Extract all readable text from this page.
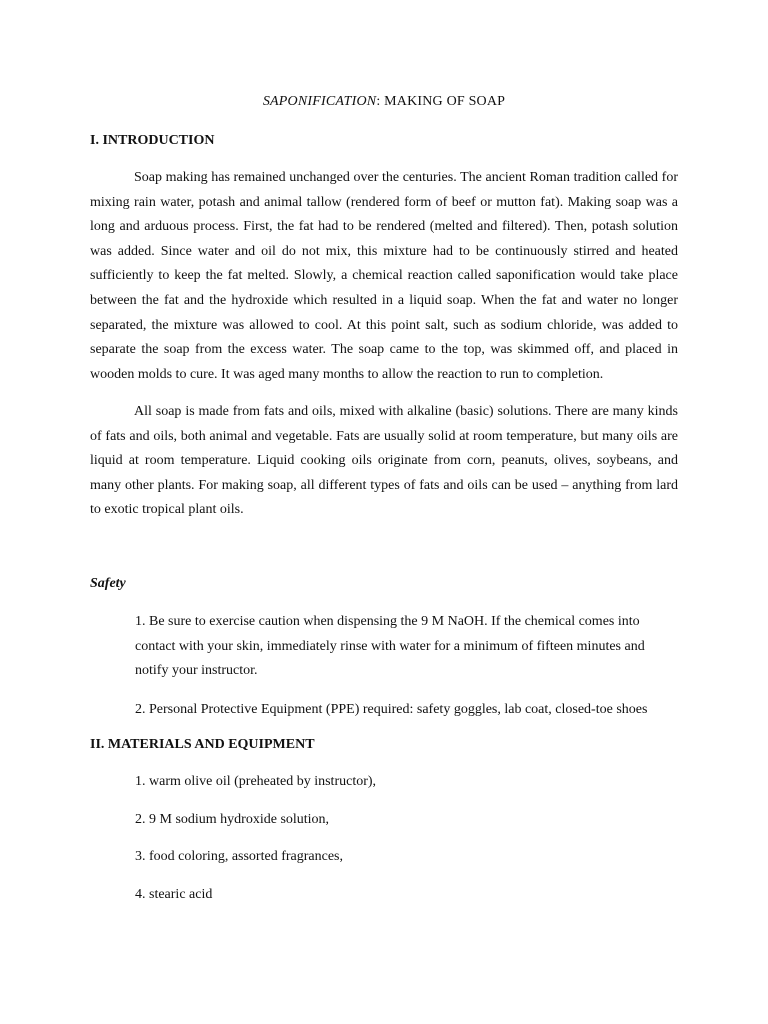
SAPONIFICATION: MAKING OF SOAP
I. INTRODUCTION
Soap making has remained unchanged over the centuries. The ancient Roman tradition called for mixing rain water, potash and animal tallow (rendered form of beef or mutton fat). Making soap was a long and arduous process. First, the fat had to be rendered (melted and filtered). Then, potash solution was added. Since water and oil do not mix, this mixture had to be continuously stirred and heated sufficiently to keep the fat melted. Slowly, a chemical reaction called saponification would take place between the fat and the hydroxide which resulted in a liquid soap. When the fat and water no longer separated, the mixture was allowed to cool. At this point salt, such as sodium chloride, was added to separate the soap from the excess water. The soap came to the top, was skimmed off, and placed in wooden molds to cure. It was aged many months to allow the reaction to run to completion.
All soap is made from fats and oils, mixed with alkaline (basic) solutions. There are many kinds of fats and oils, both animal and vegetable. Fats are usually solid at room temperature, but many oils are liquid at room temperature. Liquid cooking oils originate from corn, peanuts, olives, soybeans, and many other plants. For making soap, all different types of fats and oils can be used – anything from lard to exotic tropical plant oils.
Safety
1. Be sure to exercise caution when dispensing the 9 M NaOH. If the chemical comes into contact with your skin, immediately rinse with water for a minimum of fifteen minutes and notify your instructor.
2. Personal Protective Equipment (PPE) required: safety goggles, lab coat, closed-toe shoes
II. MATERIALS AND EQUIPMENT
1. warm olive oil (preheated by instructor),
2. 9 M sodium hydroxide solution,
3. food coloring, assorted fragrances,
4. stearic acid
